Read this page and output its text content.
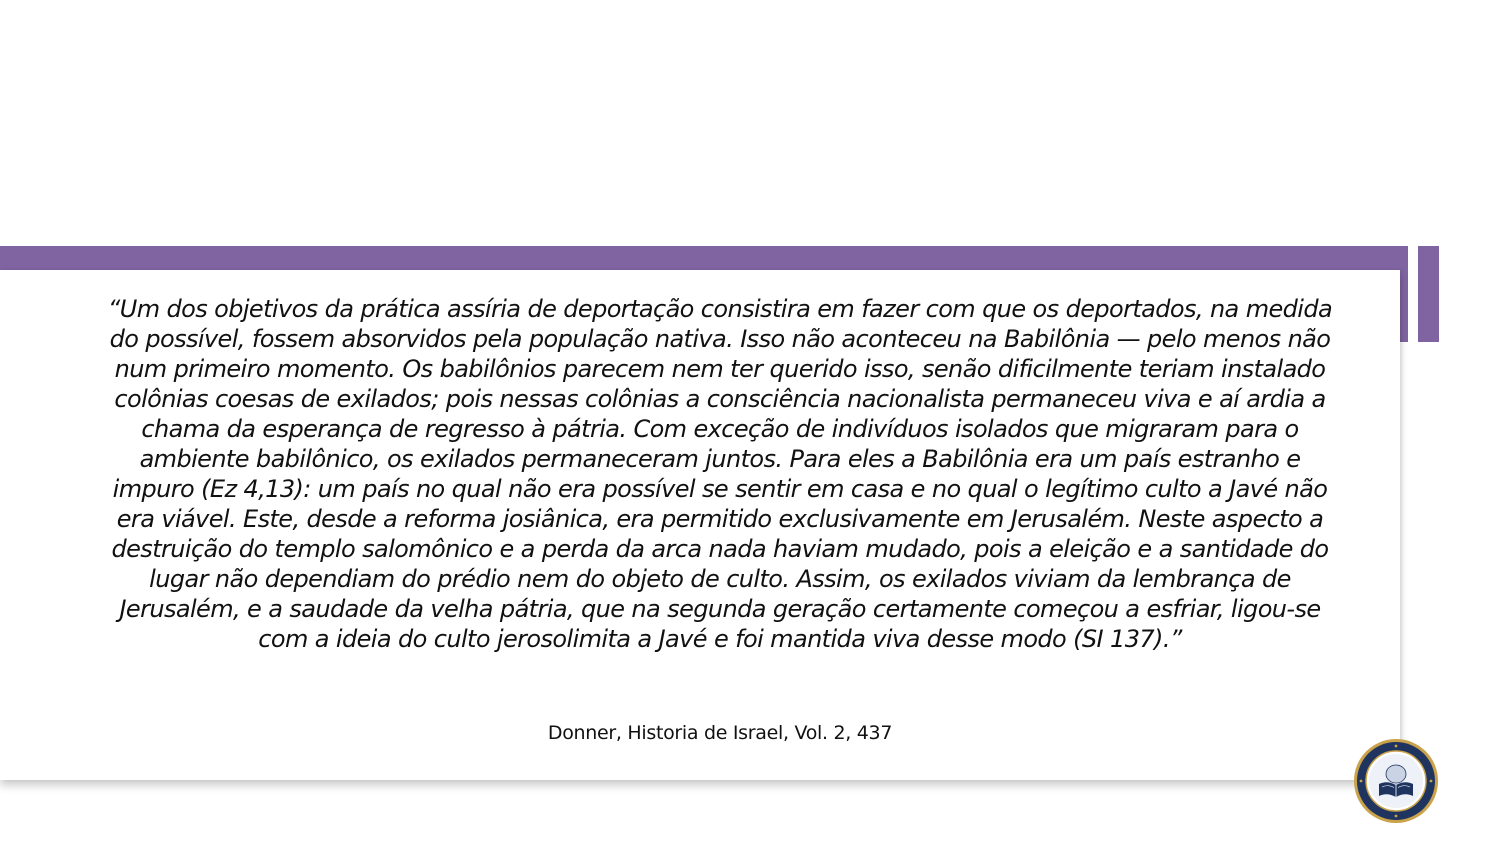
“Um dos objetivos da prática assíria de deportação consistira em fazer com que os deportados, na medida do possível, fossem absorvidos pela população nativa. Isso não aconteceu na Babilônia — pelo menos não num primeiro momento. Os babilônios parecem nem ter querido isso, senão dificilmente teriam instalado colônias coesas de exilados; pois nessas colônias a consciência nacionalista permaneceu viva e aí ardia a chama da esperança de regresso à pátria. Com exceção de indivíduos isolados que migraram para o ambiente babilônico, os exilados permaneceram juntos. Para eles a Babilônia era um país estranho e impuro (Ez 4,13): um país no qual não era possível se sentir em casa e no qual o legítimo culto a Javé não era viável. Este, desde a reforma josiânica, era permitido exclusivamente em Jerusalém. Neste aspecto a destruição do templo salomônico e a perda da arca nada haviam mudado, pois a eleição e a santidade do lugar não dependiam do prédio nem do objeto de culto. Assim, os exilados viviam da lembrança de Jerusalém, e a saudade da velha pátria, que na segunda geração certamente começou a esfriar, ligou-se com a ideia do culto jerosolimita a Javé e foi mantida viva desse modo (SI 137).”

Donner, Historia de Israel, Vol. 2, 437
